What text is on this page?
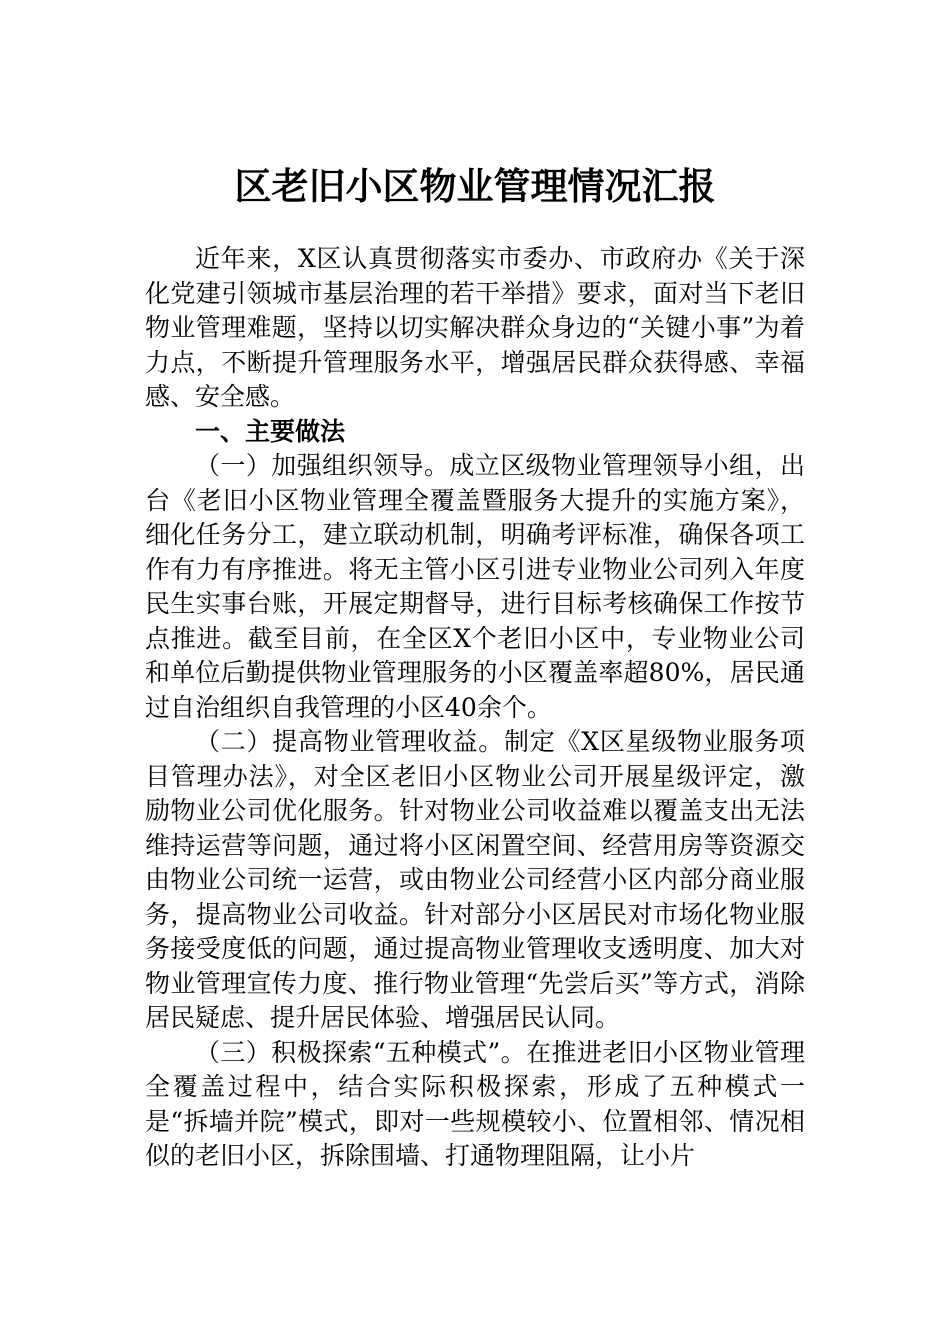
区老旧小区物业管理情况汇报

近年来，X区认真贯彻落实市委办、市政府办《关于深化党建引领城市基层治理的若干举措》要求，面对当下老旧物业管理难题，坚持以切实解决群众身边的“关键小事”为着力点，不断提升管理服务水平，增强居民群众获得感、幸福感、安全感。

一、主要做法

（一）加强组织领导。成立区级物业管理领导小组，出台《老旧小区物业管理全覆盖暨服务大提升的实施方案》，细化任务分工，建立联动机制，明确考评标准，确保各项工作有力有序推进。将无主管小区引进专业物业公司列入年度民生实事台账，开展定期督导，进行目标考核确保工作按节点推进。截至目前，在全区X个老旧小区中，专业物业公司和单位后勤提供物业管理服务的小区覆盖率超80%，居民通过自治组织自我管理的小区40余个。

（二）提高物业管理收益。制定《X区星级物业服务项目管理办法》，对全区老旧小区物业公司开展星级评定，激励物业公司优化服务。针对物业公司收益难以覆盖支出无法维持运营等问题，通过将小区闲置空间、经营用房等资源交由物业公司统一运营，或由物业公司经营小区内部分商业服务，提高物业公司收益。针对部分小区居民对市场化物业服务接受度低的问题，通过提高物业管理收支透明度、加大对物业管理宣传力度、推行物业管理“先尝后买”等方式，消除居民疑虑、提升居民体验、增强居民认同。

（三）积极探索“五种模式”。在推进老旧小区物业管理全覆盖过程中，结合实际积极探索，形成了五种模式一是“拆墙并院”模式，即对一些规模较小、位置相邻、情况相似的老旧小区，拆除围墙、打通物理阻隔，让小片
